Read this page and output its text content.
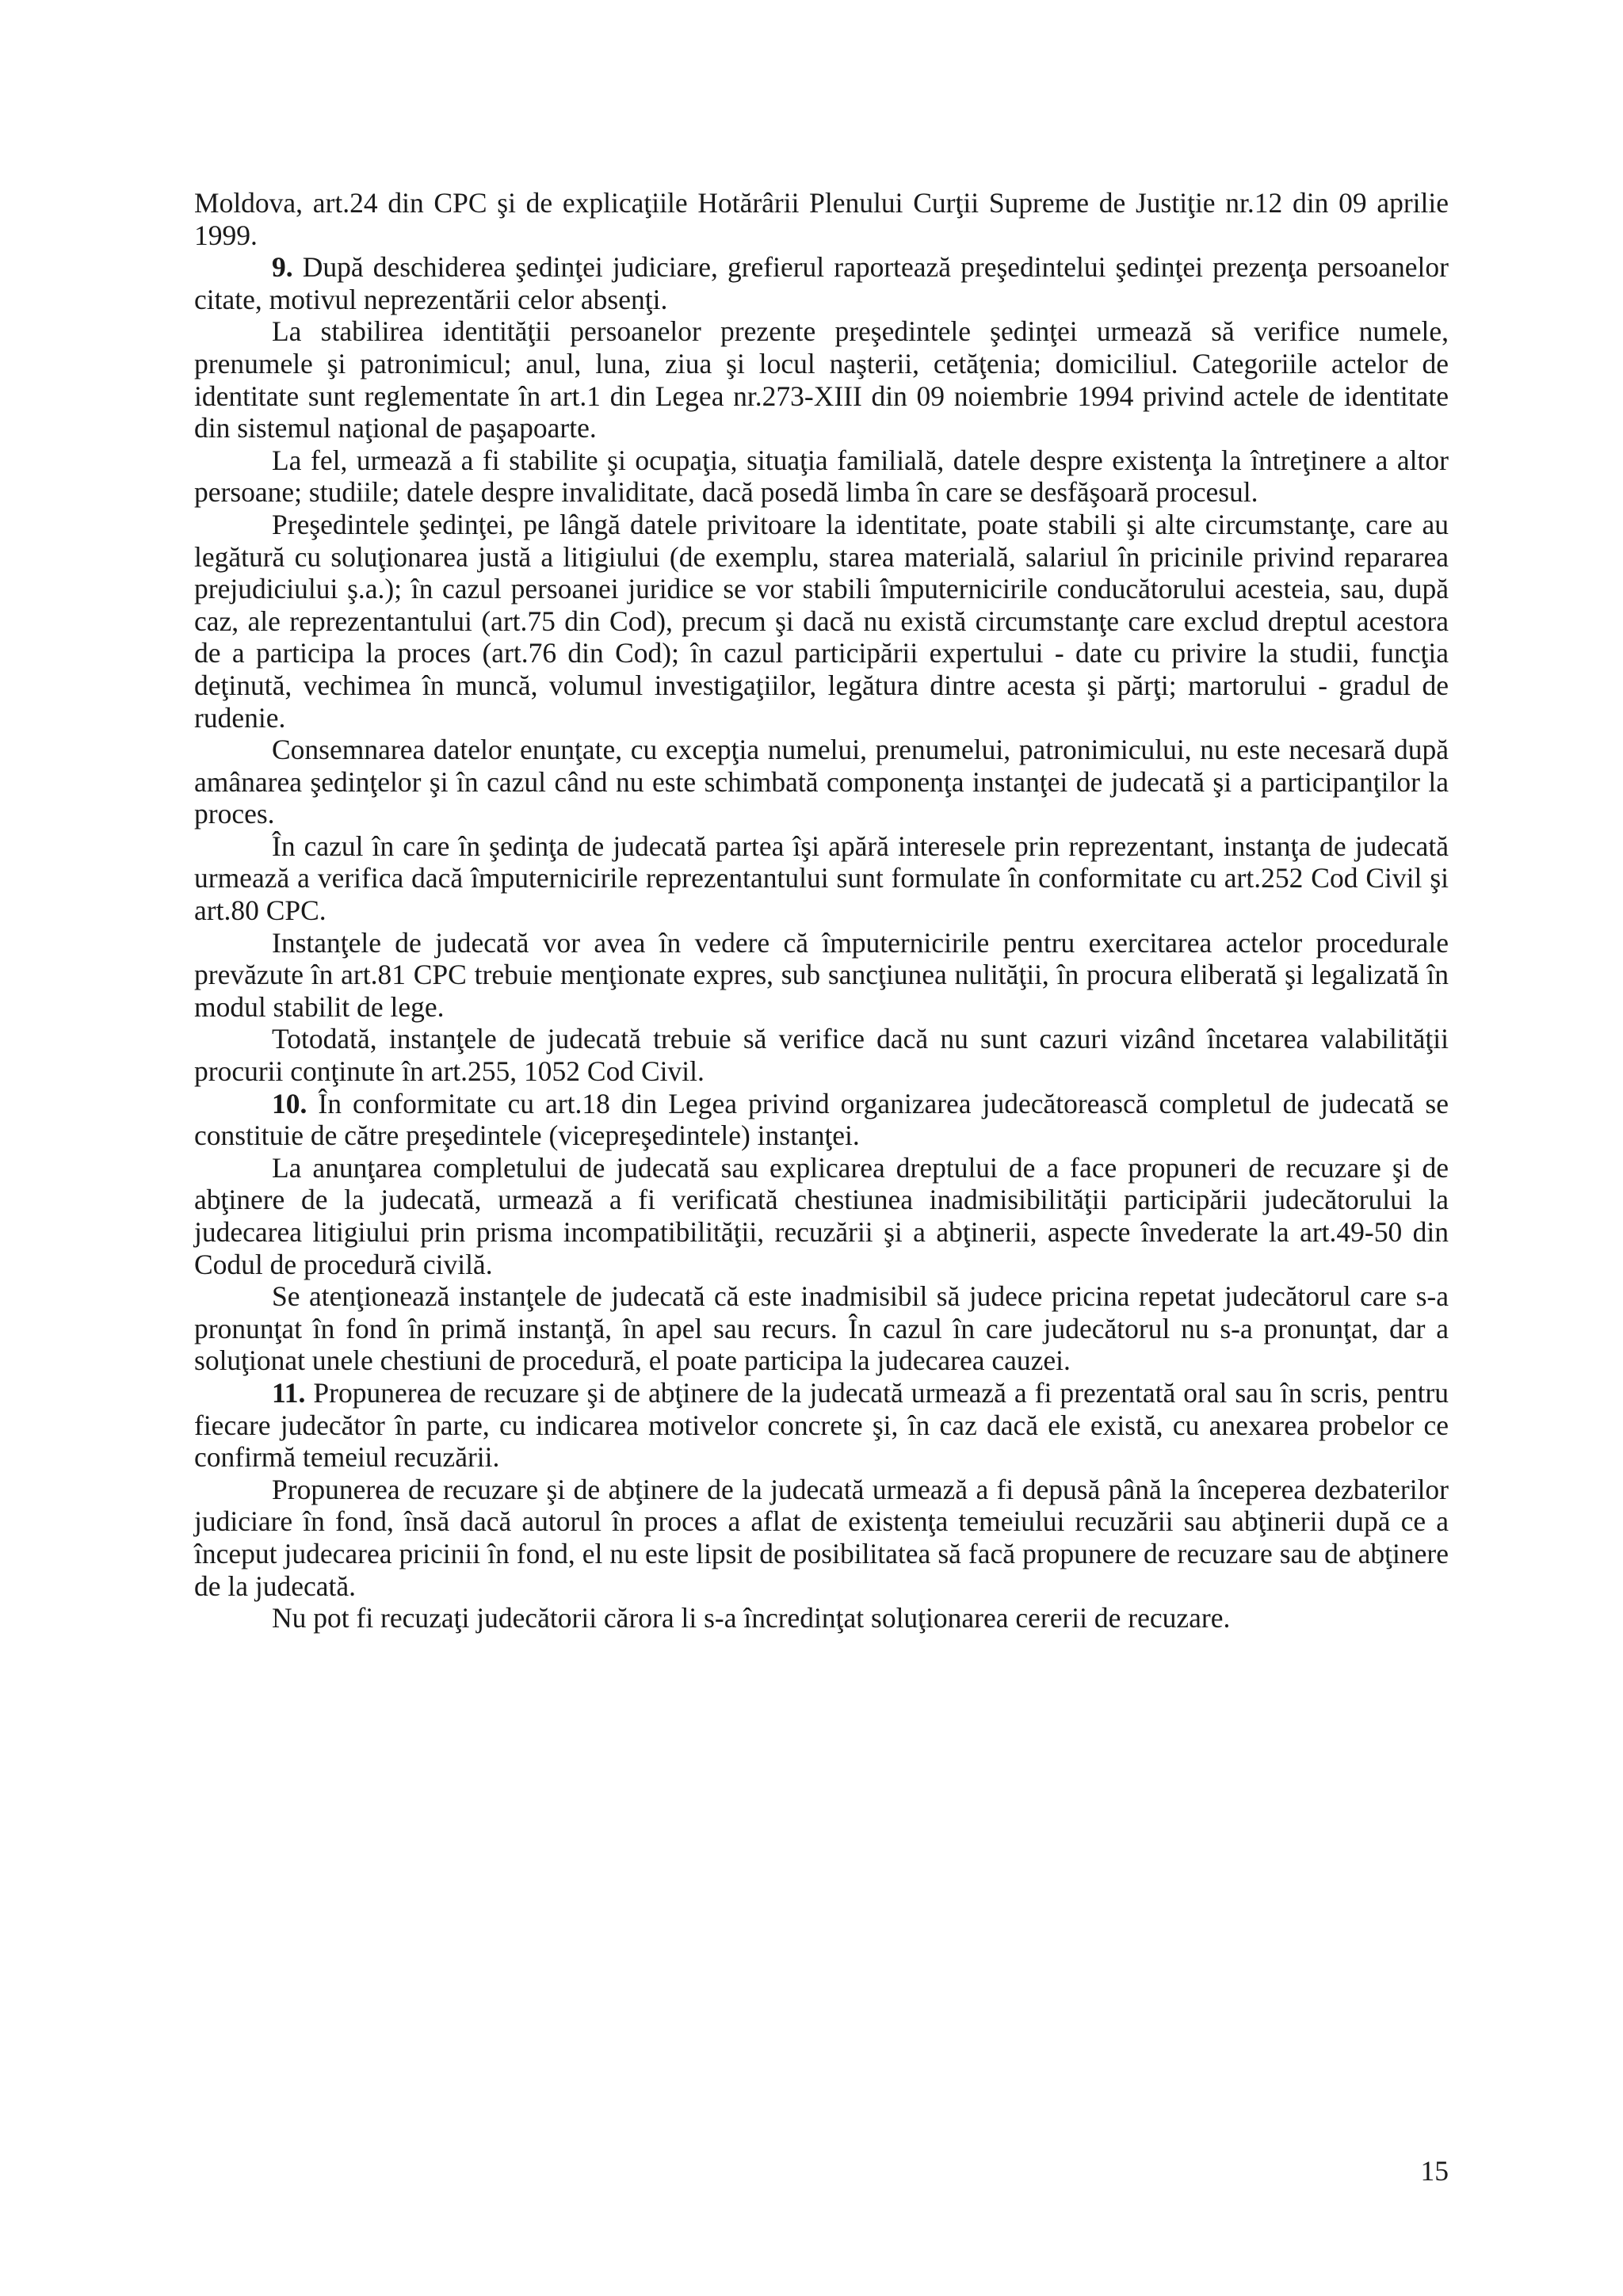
Moldova, art.24 din CPC şi de explicaţiile Hotărârii Plenului Curţii Supreme de Justiţie nr.12 din 09 aprilie 1999.

9. După deschiderea şedinţei judiciare, grefierul raportează preşedintelui şedinţei prezenţa persoanelor citate, motivul neprezentării celor absenţi.

La stabilirea identităţii persoanelor prezente preşedintele şedinţei urmează să verifice numele, prenumele şi patronimicul; anul, luna, ziua şi locul naşterii, cetăţenia; domiciliul. Categoriile actelor de identitate sunt reglementate în art.1 din Legea nr.273-XIII din 09 noiembrie 1994 privind actele de identitate din sistemul naţional de paşapoarte.

La fel, urmează a fi stabilite şi ocupaţia, situaţia familială, datele despre existenţa la întreţinere a altor persoane; studiile; datele despre invaliditate, dacă posedă limba în care se desfăşoară procesul.

Preşedintele şedinţei, pe lângă datele privitoare la identitate, poate stabili şi alte circumstanţe, care au legătură cu soluţionarea justă a litigiului (de exemplu, starea materială, salariul în pricinile privind repararea prejudiciului ş.a.); în cazul persoanei juridice se vor stabili împuternicirile conducătorului acesteia, sau, după caz, ale reprezentantului (art.75 din Cod), precum şi dacă nu există circumstanţe care exclud dreptul acestora de a participa la proces (art.76 din Cod); în cazul participării expertului - date cu privire la studii, funcţia deţinută, vechimea în muncă, volumul investigaţiilor, legătura dintre acesta şi părţi; martorului - gradul de rudenie.

Consemnarea datelor enunţate, cu excepţia numelui, prenumelui, patronimicului, nu este necesară după amânarea şedinţelor şi în cazul când nu este schimbată componenţa instanţei de judecată şi a participanţilor la proces.

În cazul în care în şedinţa de judecată partea îşi apără interesele prin reprezentant, instanţa de judecată urmează a verifica dacă împuternicirile reprezentantului sunt formulate în conformitate cu art.252 Cod Civil şi art.80 CPC.

Instanţele de judecată vor avea în vedere că împuternicirile pentru exercitarea actelor procedurale prevăzute în art.81 CPC trebuie menţionate expres, sub sancţiunea nulităţii, în procura eliberată şi legalizată în modul stabilit de lege.

Totodată, instanţele de judecată trebuie să verifice dacă nu sunt cazuri vizând încetarea valabilităţii procurii conţinute în art.255, 1052 Cod Civil.

10. În conformitate cu art.18 din Legea privind organizarea judecătorească completul de judecată se constituie de către preşedintele (vicepreşedintele) instanţei.

La anunţarea completului de judecată sau explicarea dreptului de a face propuneri de recuzare şi de abţinere de la judecată, urmează a fi verificată chestiunea inadmisibilităţii participării judecătorului la judecarea litigiului prin prisma incompatibilităţii, recuzării şi a abţinerii, aspecte învederate la art.49-50 din Codul de procedură civilă.

Se atenţionează instanţele de judecată că este inadmisibil să judece pricina repetat judecătorul care s-a pronunţat în fond în primă instanţă, în apel sau recurs. În cazul în care judecătorul nu s-a pronunţat, dar a soluţionat unele chestiuni de procedură, el poate participa la judecarea cauzei.

11. Propunerea de recuzare şi de abţinere de la judecată urmează a fi prezentată oral sau în scris, pentru fiecare judecător în parte, cu indicarea motivelor concrete şi, în caz dacă ele există, cu anexarea probelor ce confirmă temeiul recuzării.

Propunerea de recuzare şi de abţinere de la judecată urmează a fi depusă până la începerea dezbaterilor judiciare în fond, însă dacă autorul în proces a aflat de existenţa temeiului recuzării sau abţinerii după ce a început judecarea pricinii în fond, el nu este lipsit de posibilitatea să facă propunere de recuzare sau de abţinere de la judecată.

Nu pot fi recuzaţi judecătorii cărora li s-a încredinţat soluţionarea cererii de recuzare.

15
